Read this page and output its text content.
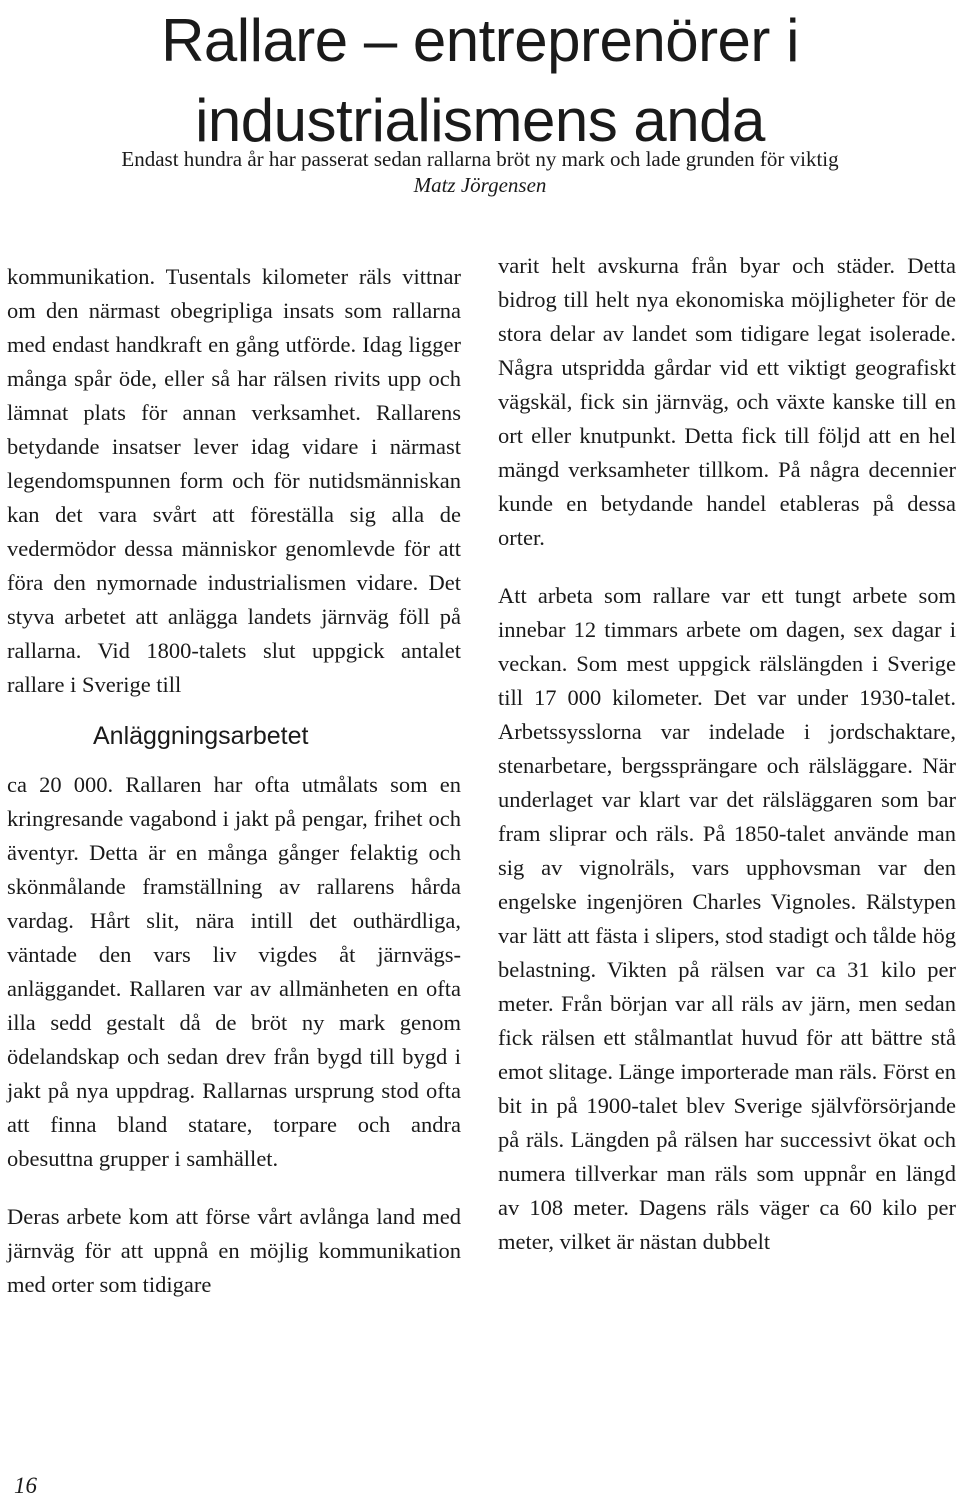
Rallare – entreprenörer i
industrialismens anda
Endast hundra år har passerat sedan rallarna bröt ny mark och lade grunden för viktig
Matz Jörgensen

kommunikation. Tusentals kilometer räls vittnar om den närmast obegripliga insats som rallarna med endast handkraft en gång utförde. Idag ligger många spår öde, eller så har rälsen rivits upp och lämnat plats för annan verksamhet. Rallarens betydande insatser lever idag vidare i närmast legendomspunnen form och för nutidsmänniskan kan det vara svårt att föreställa sig alla de vedermödor dessa människor genomlevde för att föra den nymornade industrialismen vidare. Det styva arbetet att anlägga landets järnväg föll på rallarna. Vid 1800-talets slut uppgick antalet rallare i Sverige till

Anläggningsarbetet

ca 20 000. Rallaren har ofta utmålats som en kringresande vagabond i jakt på pengar, frihet och äventyr. Detta är en många gånger felaktig och skönmålande framställning av rallarens hårda vardag. Hårt slit, nära intill det outhärdliga, väntade den vars liv vigdes åt järnvägsanläggandet. Rallaren var av allmänheten en ofta illa sedd gestalt då de bröt ny mark genom ödelandskap och sedan drev från bygd till bygd i jakt på nya uppdrag. Rallarnas ursprung stod ofta att finna bland statare, torpare och andra obesuttna grupper i samhället.

Deras arbete kom att förse vårt avlånga land med järnväg för att uppnå en möjlig kommunikation med orter som tidigare

varit helt avskurna från byar och städer. Detta bidrog till helt nya ekonomiska möjligheter för de stora delar av landet som tidigare legat isolerade. Några utspridda gårdar vid ett viktigt geografiskt vägskäl, fick sin järnväg, och växte kanske till en ort eller knutpunkt. Detta fick till följd att en hel mängd verksamheter tillkom. På några decennier kunde en betydande handel etableras på dessa orter.

Att arbeta som rallare var ett tungt arbete som innebar 12 timmars arbete om dagen, sex dagar i veckan. Som mest uppgick rälslängden i Sverige till 17 000 kilometer. Det var under 1930-talet. Arbetssysslorna var indelade i jordschaktare, stenarbetare, bergssprängare och rälsläggare. När underlaget var klart var det rälsläggaren som bar fram sliprar och räls. På 1850-talet använde man sig av vignolräls, vars upphovsman var den engelske ingenjören Charles Vignoles. Rälstypen var lätt att fästa i slipers, stod stadigt och tålde hög belastning. Vikten på rälsen var ca 31 kilo per meter. Från början var all räls av järn, men sedan fick rälsen ett stålmantlat huvud för att bättre stå emot slitage. Länge importerade man räls. Först en bit in på 1900-talet blev Sverige självförsörjande på räls. Längden på rälsen har successivt ökat och numera tillverkar man räls som uppnår en längd av 108 meter. Dagens räls väger ca 60 kilo per meter, vilket är nästan dubbelt

16
